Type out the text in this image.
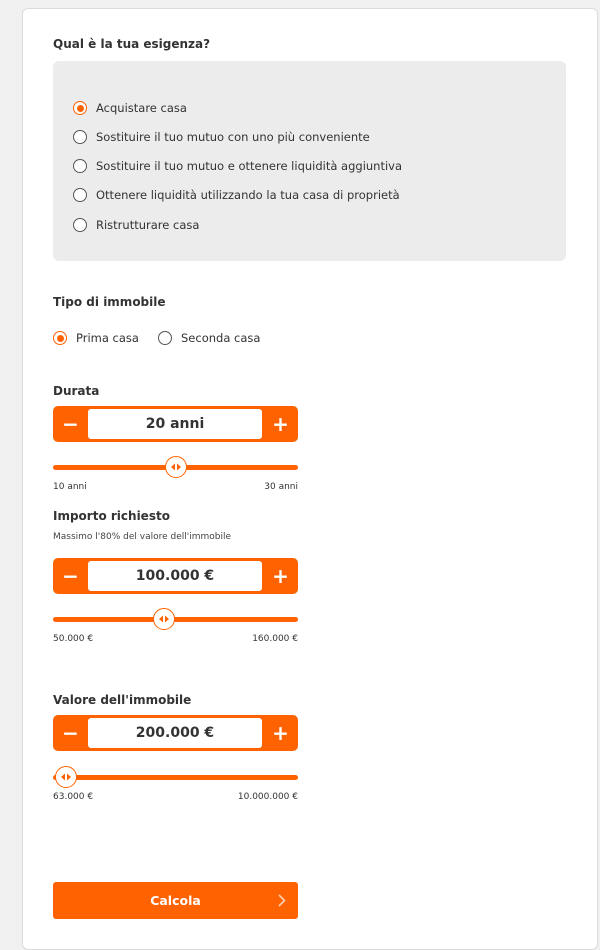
Qual è la tua esigenza?
Acquistare casa
Sostituire il tuo mutuo con uno più conveniente
Sostituire il tuo mutuo e ottenere liquidità aggiuntiva
Ottenere liquidità utilizzando la tua casa di proprietà
Ristrutturare casa
Tipo di immobile
Prima casa	Seconda casa
Durata
−	20 anni	+
10 anni	30 anni
Importo richiesto
Massimo l'80% del valore dell'immobile
−	100.000 €	+
50.000 €	160.000 €
Valore dell'immobile
−	200.000 €	+
63.000 €	10.000.000 €
Calcola
